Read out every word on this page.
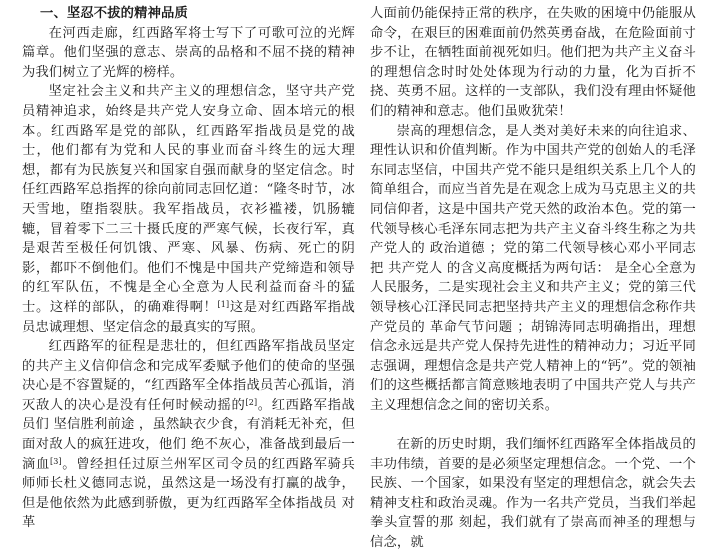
一、坚忍不拔的精神品质

在河西走廊，红西路军将士写下了可歌可泣的光辉篇章。他们坚强的意志、崇高的品格和不屈不挠的精神为我们树立了光辉的榜样。

坚定社会主义和共产主义的理想信念，坚守共产党员精神追求，始终是共产党人安身立命、固本培元的根本。红西路军是党的部队，红西路军指战员是党的战士，他们都有为党和人民的事业而奋斗终生的远大理想，都有为民族复兴和国家自强而献身的坚定信念。时任红西路军总指挥的徐向前同志回忆道：“隆冬时节，冰天雪地，堕指裂肤。我军指战员，衣衫褴褛，饥肠辘辘，冒着零下二三十摄氏度的严寒气候，长夜行军，真是艰苦至极任何饥饿、严寒、风暴、伤病、死亡的阴影，都吓不倒他们。他们不愧是中国共产党缔造和领导的红军队伍，不愧是全心全意为人民利益而奋斗的猛士。这样的部队，的确难得啊！[1]这是对红西路军指战员忠诚理想、坚定信念的最真实的写照。

红西路军的征程是悲壮的，但红西路军指战员坚定的共产主义信仰信念和完成军委赋予他们的使命的坚强决心是不容置疑的，“红西路军全体指战员苦心孤诣，消灭敌人的决心是没有任何时候动摇的[2]。红西路军指战员们 坚信胜利前途 ，虽然缺衣少食，有消耗无补充，但面对敌人的疯狂进攻，他们 绝不灰心，准备战到最后一滴血[3]。曾经担任过原兰州军区司令员的红西路军骑兵师师长杜义德同志说，虽然这是一场没有打赢的战争，但是他依然为此感到骄傲，更为红西路军全体指战员 对革

人面前仍能保持正常的秩序，在失败的困境中仍能服从命令，在艰巨的困难面前仍然英勇奋战，在危险面前寸步不让，在牺牲面前视死如归。他们把为共产主义奋斗的理想信念时时处处体现为行动的力量，化为百折不挠、英勇不屈。这样的一支部队，我们没有理由怀疑他们的精神和意志。他们虽败犹荣！

崇高的理想信念，是人类对美好未来的向往追求、理性认识和价值判断。作为中国共产党的创始人的毛泽东同志坚信，中国共产党不能只是组织关系上几个人的简单组合，而应当首先是在观念上成为马克思主义的共同信仰者，这是中国共产党天然的政治本色。党的第一代领导核心毛泽东同志把为共产主义奋斗终生称之为共产党人的 政治道德 ；党的第二代领导核心邓小平同志把 共产党人 的含义高度概括为两句话： 是全心全意为人民服务，二是实现社会主义和共产主义；党的第三代领导核心江泽民同志把坚持共产主义的理想信念称作共产党员的 革命气节问题 ；胡锦涛同志明确指出，理想信念永远是共产党人保持先进性的精神动力；习近平同志强调，理想信念是共产党人精神上的“钙”。党的领袖们的这些概括都言简意赅地表明了中国共产党人与共产主义理想信念之间的密切关系。

在新的历史时期，我们缅怀红西路军全体指战员的丰功伟绩，首要的是必须坚定理想信念。一个党、一个民族、一个国家，如果没有坚定的理想信念，就会失去精神支柱和政治灵魂。作为一名共产党员，当我们举起拳头宣誓的那 刻起，我们就有了崇高而神圣的理想与信念，就
